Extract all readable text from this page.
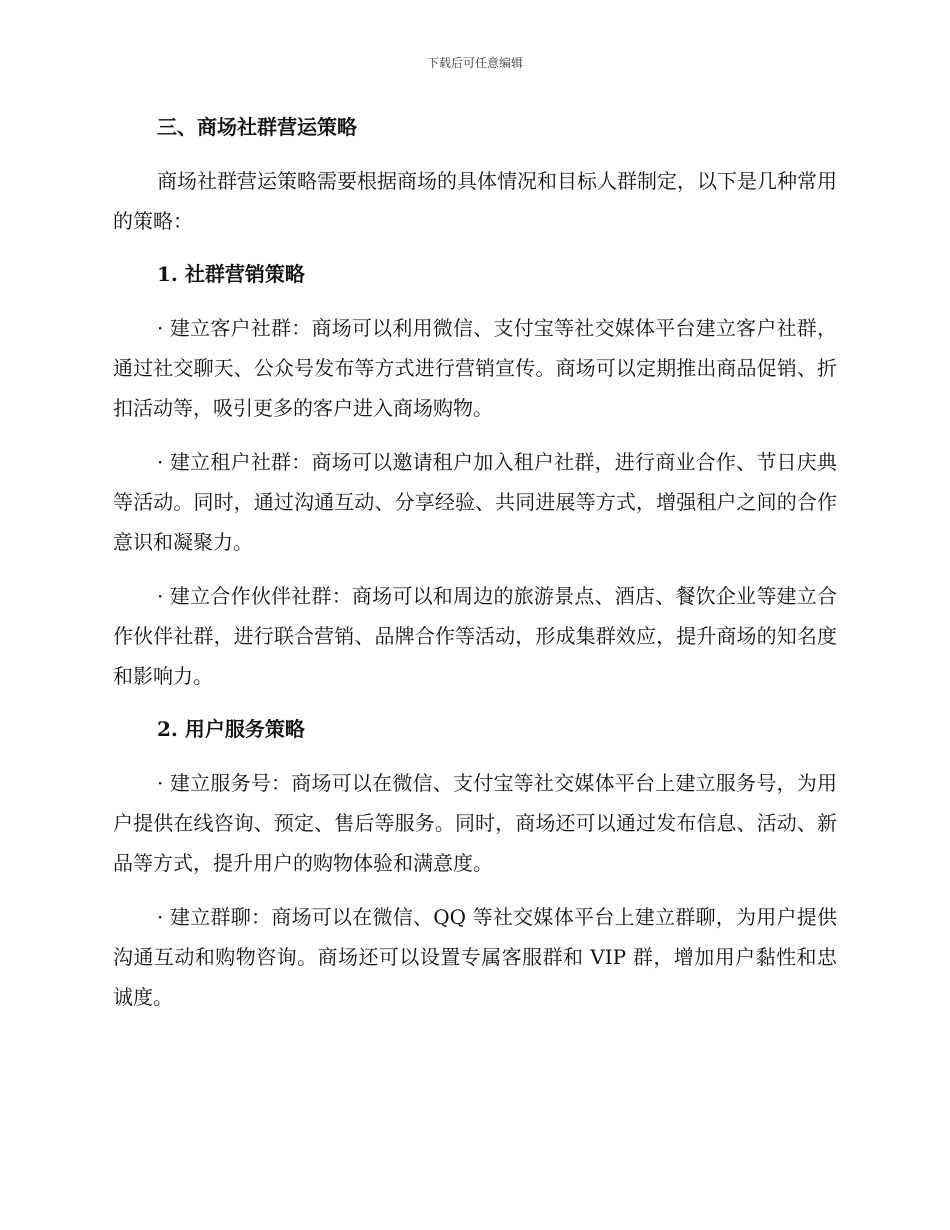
下载后可任意编辑
三、商场社群营运策略

商场社群营运策略需要根据商场的具体情况和目标人群制定，以下是几种常用的策略：

1. 社群营销策略

· 建立客户社群：商场可以利用微信、支付宝等社交媒体平台建立客户社群，通过社交聊天、公众号发布等方式进行营销宣传。商场可以定期推出商品促销、折扣活动等，吸引更多的客户进入商场购物。

· 建立租户社群：商场可以邀请租户加入租户社群，进行商业合作、节日庆典等活动。同时，通过沟通互动、分享经验、共同进展等方式，增强租户之间的合作意识和凝聚力。

· 建立合作伙伴社群：商场可以和周边的旅游景点、酒店、餐饮企业等建立合作伙伴社群，进行联合营销、品牌合作等活动，形成集群效应，提升商场的知名度和影响力。

2. 用户服务策略

· 建立服务号：商场可以在微信、支付宝等社交媒体平台上建立服务号，为用户提供在线咨询、预定、售后等服务。同时，商场还可以通过发布信息、活动、新品等方式，提升用户的购物体验和满意度。

· 建立群聊：商场可以在微信、QQ 等社交媒体平台上建立群聊，为用户提供沟通互动和购物咨询。商场还可以设置专属客服群和 VIP 群，增加用户黏性和忠诚度。
